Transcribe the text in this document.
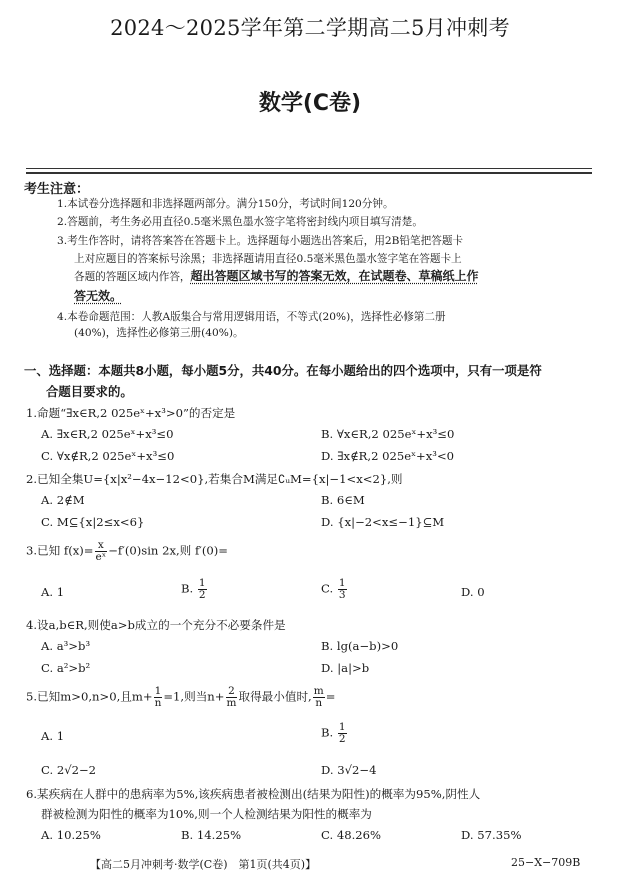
2024～2025学年第二学期高二5月冲刺考
数学(C卷)
考生注意：
1.本试卷分选择题和非选择题两部分。满分150分，考试时间120分钟。
2.答题前，考生务必用直径0.5毫米黑色墨水签字笔将密封线内项目填写清楚。
3.考生作答时，请将答案答在答题卡上。选择题每小题选出答案后，用2B铅笔把答题卡
上对应题目的答案标号涂黑；非选择题请用直径0.5毫米黑色墨水签字笔在答题卡上
各题的答题区域内作答，超出答题区域书写的答案无效，在试题卷、草稿纸上作
答无效。
4.本卷命题范围：人教A版集合与常用逻辑用语，不等式(20%)，选择性必修第二册
(40%)，选择性必修第三册(40%)。
一、选择题：本题共8小题，每小题5分，共40分。在每小题给出的四个选项中，只有一项是符
合题目要求的。
1.命题“∃x∈R,2 025eˣ+x³>0”的否定是
A. ∃x∈R,2 025eˣ+x³≤0	B. ∀x∈R,2 025eˣ+x³≤0
C. ∀x∉R,2 025eˣ+x³≤0	D. ∃x∉R,2 025eˣ+x³<0
2.已知全集U={x|x²−4x−12<0},若集合M满足∁ᵤM={x|−1<x<2},则
A. 2∉M	B. 6∈M
C. M⊆{x|2≤x<6}	D. {x|−2<x≤−1}⊆M
3.已知 $f(x)= \frac{x}{\text{eˣ}} -f'(0)\sin$ 2x,则 f′(0)=
A. 1	B. $\frac{1}{2}$	C. $\frac{1}{3}$	D. 0
4.设a,b∈R,则使a>b成立的一个充分不必要条件是
A. a³>b³	B. lg(a−b)>0
C. a²>b²	D. |a|>b
5.已知m>0,n>0,且$m+ \frac{1}{n} =1$,则当$n+ \frac{2}{m}$ 取得最小值时, $\frac{m}{n}$ =
A. 1	B. $\frac{1}{2}$
C. 2√2−2	D. 3√2−4
6.某疾病在人群中的患病率为5%,该疾病患者被检测出(结果为阳性)的概率为95%,阴性人
群被检测为阳性的概率为10%,则一个人检测结果为阳性的概率为
A. 10.25%	B. 14.25%	C. 48.26%	D. 57.35%
【高二5月冲刺考·数学(C卷)　第1页(共4页)】	25−X−709B
